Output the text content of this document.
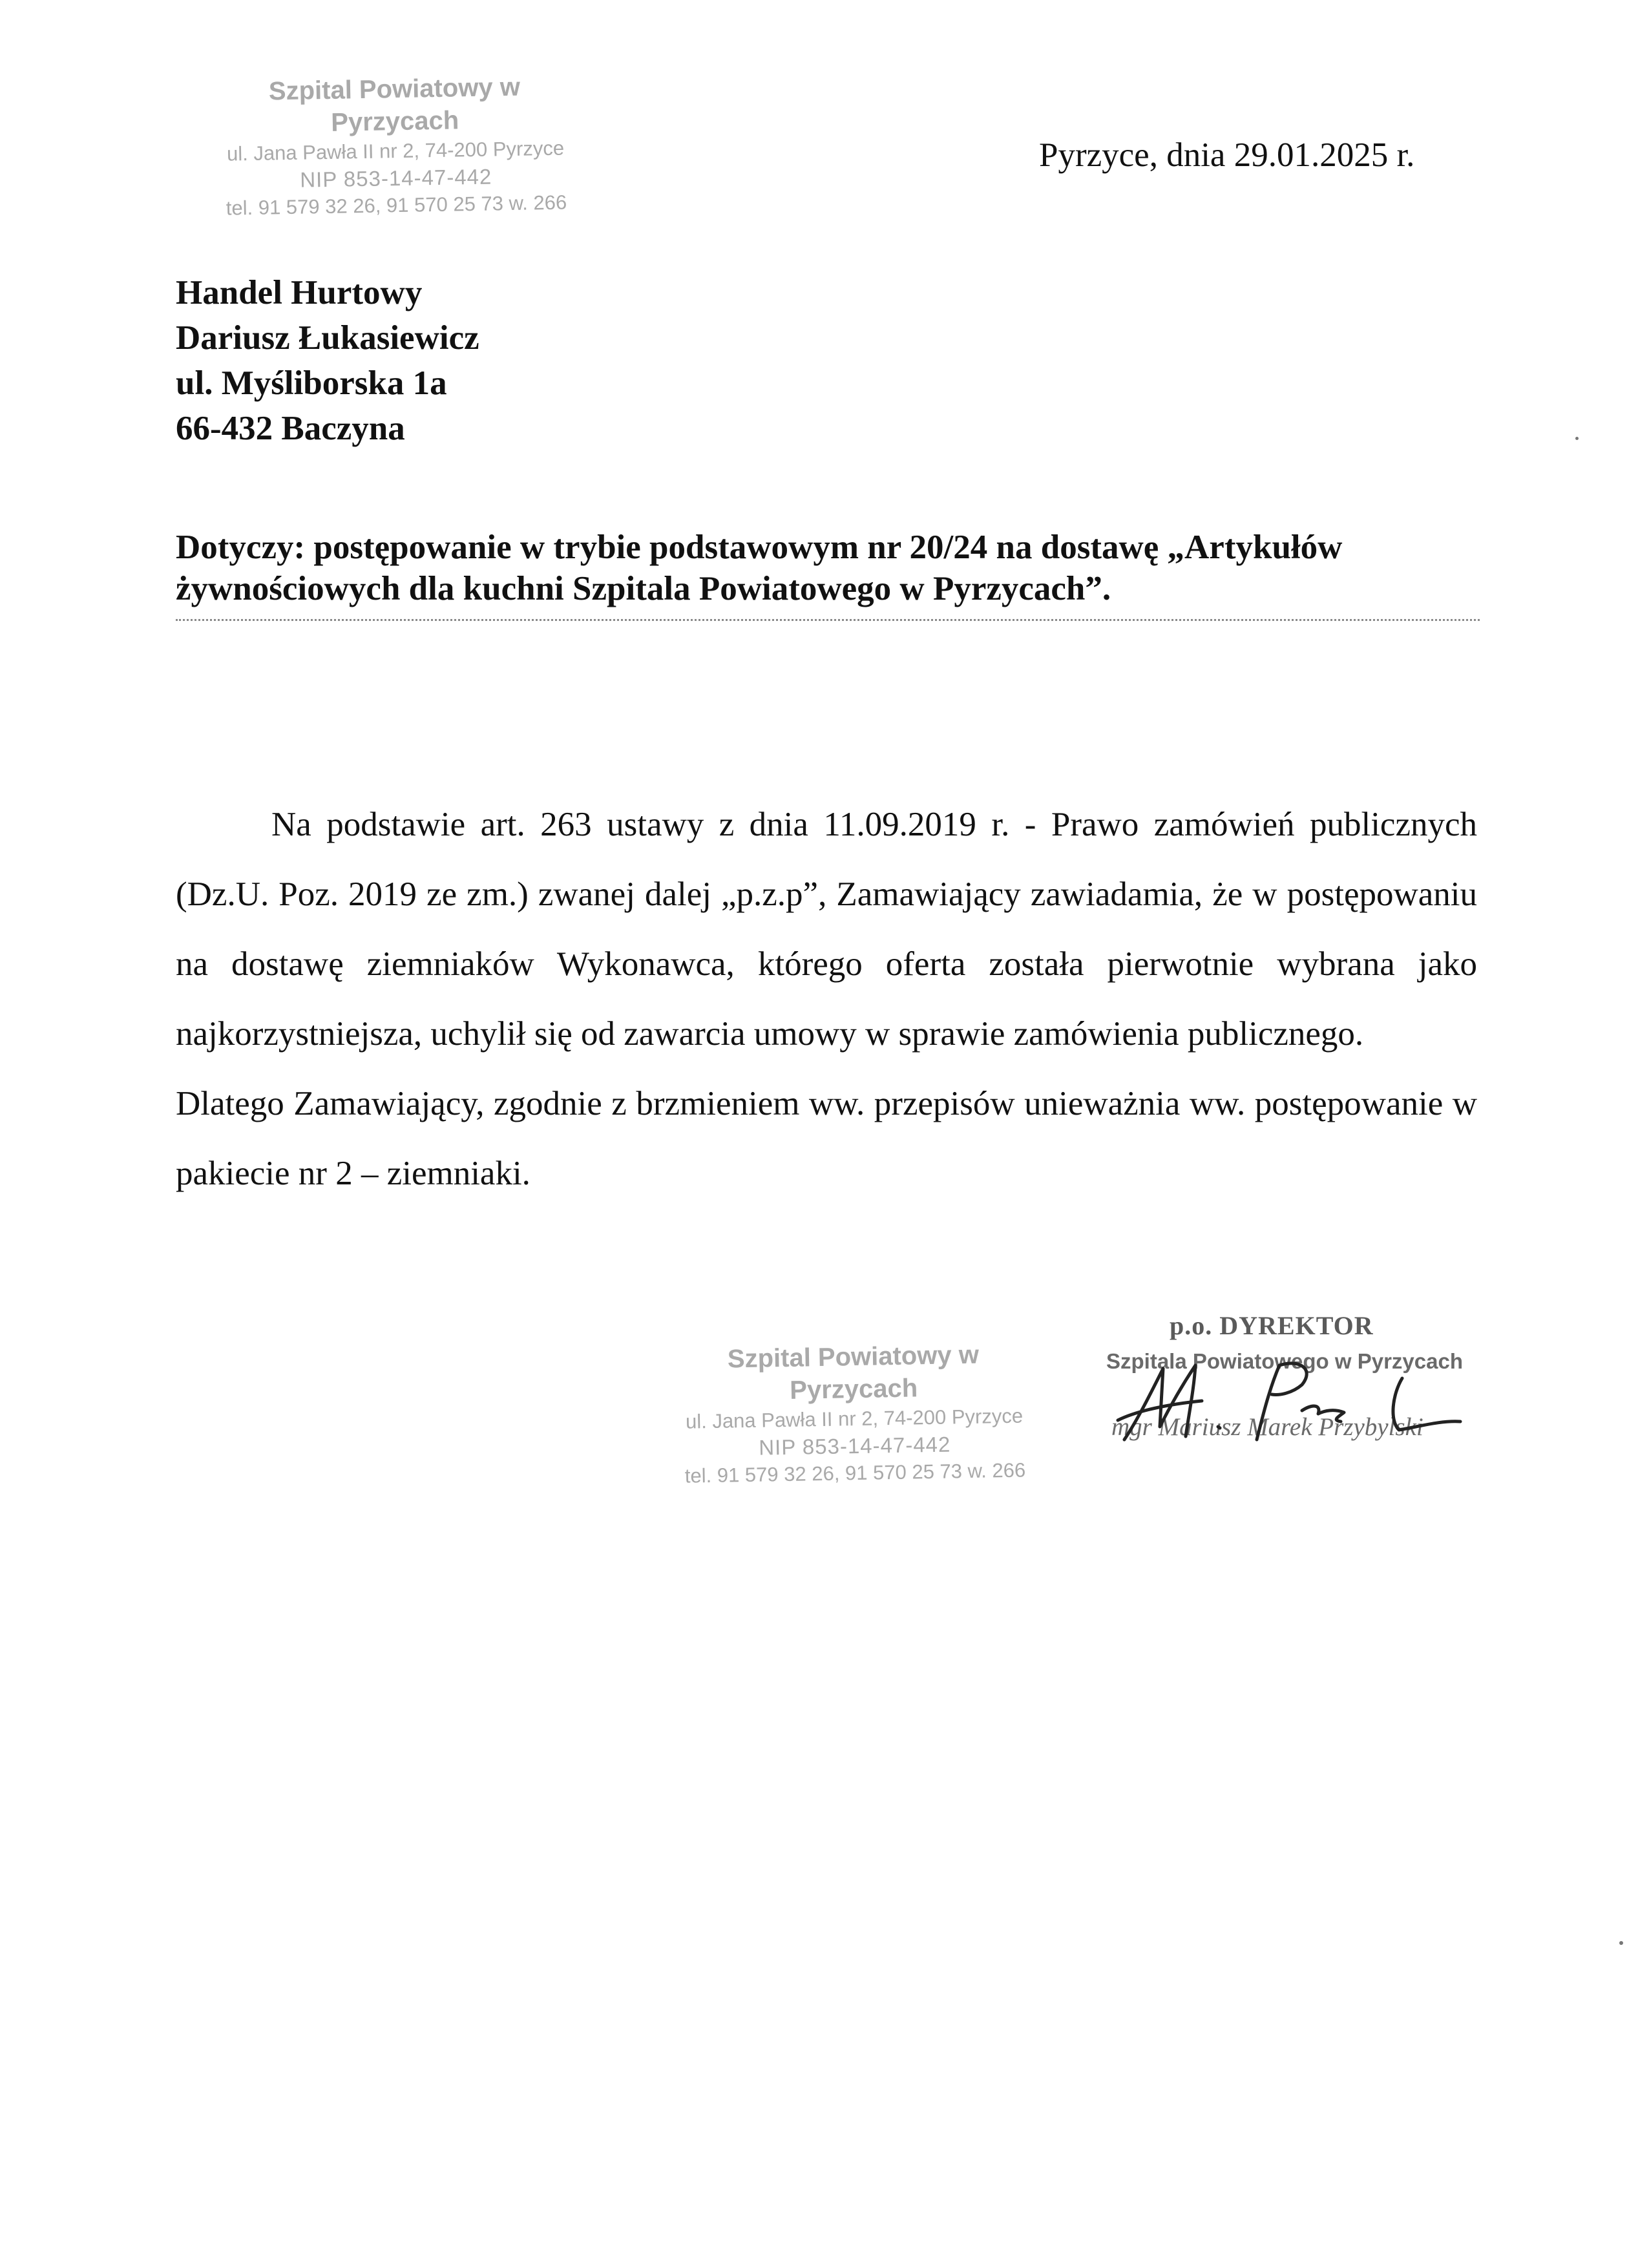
Szpital Powiatowy w Pyrzycach
ul. Jana Pawła II nr 2, 74-200 Pyrzyce
NIP 853-14-47-442
tel. 91 579 32 26, 91 570 25 73 w. 266
Pyrzyce, dnia 29.01.2025 r.
Handel Hurtowy
Dariusz Łukasiewicz
ul. Myśliborska 1a
66-432 Baczyna
Dotyczy: postępowanie w trybie podstawowym nr 20/24 na dostawę „Artykułów żywnościowych dla kuchni Szpitala Powiatowego w Pyrzycach”.

Na podstawie art. 263 ustawy z dnia 11.09.2019 r. - Prawo zamówień publicznych (Dz.U. Poz. 2019 ze zm.) zwanej dalej „p.z.p”, Zamawiający zawiadamia, że w postępowaniu na dostawę ziemniaków Wykonawca, którego oferta została pierwotnie wybrana jako najkorzystniejsza, uchylił się od zawarcia umowy w sprawie zamówienia publicznego.

Dlatego Zamawiający, zgodnie z brzmieniem ww. przepisów unieważnia ww. postępowanie w pakiecie nr 2 – ziemniaki.

Szpital Powiatowy w Pyrzycach
ul. Jana Pawła II nr 2, 74-200 Pyrzyce
NIP 853-14-47-442
tel. 91 579 32 26, 91 570 25 73 w. 266
p.o. DYREKTOR
Szpitala Powiatowego w Pyrzycach
mgr Mariusz Marek Przybylski
